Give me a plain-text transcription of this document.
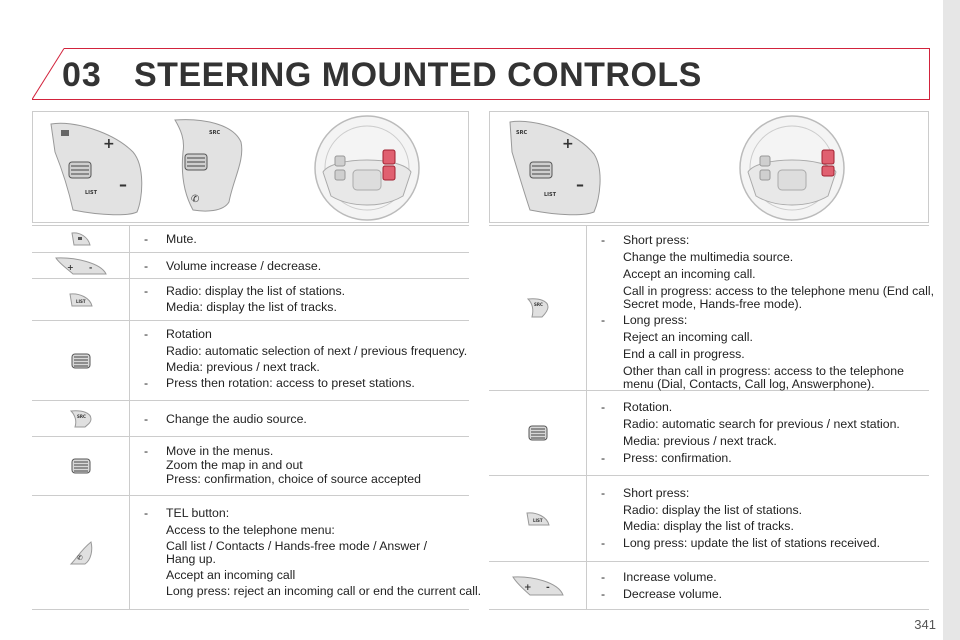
03 STEERING MOUNTED CONTROLS
+
–
LIST
SRC
✆
SRC
+
–
LIST
- Mute.
+ -	- Volume increase / decrease.
LIST
- Radio: display the list of stations.
Media: display the list of tracks.
- Rotation
Radio: automatic selection of next / previous frequency.
Media: previous / next track.
- Press then rotation: access to preset stations.
SRC	- Change the audio source.
- Move in the menus.
Zoom the map in and out
Press: confirmation, choice of source accepted
✆
- TEL button:
Access to the telephone menu:
Call list / Contacts / Hands-free mode / Answer /
Hang up.
Accept an incoming call
Long press: reject an incoming call or end the current call.
SRC
- Short press:
Change the multimedia source.
Accept an incoming call.
Call in progress: access to the telephone menu (End call,
Secret mode, Hands-free mode).
- Long press:
Reject an incoming call.
End a call in progress.
Other than call in progress: access to the telephone
menu (Dial, Contacts, Call log, Answerphone).
- Rotation.
Radio: automatic search for previous / next station.
Media: previous / next track.
- Press: confirmation.
LIST
- Short press:
Radio: display the list of stations.
Media: display the list of tracks.
- Long press: update the list of stations received.
+ -
- Increase volume.
- Decrease volume.
341
